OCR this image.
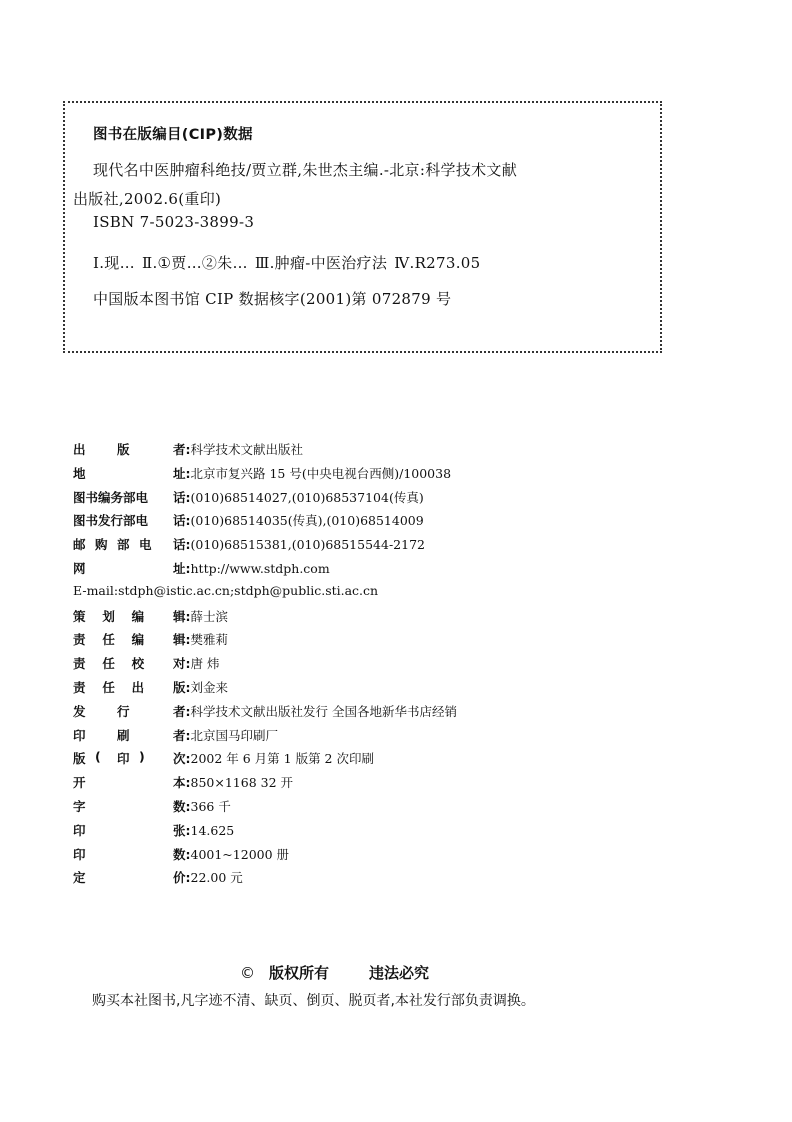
图书在版编目(CIP)数据
现代名中医肿瘤科绝技/贾立群,朱世杰主编.-北京:科学技术文献
出版社,2002.6(重印)
ISBN 7-5023-3899-3
Ⅰ.现… Ⅱ.①贾…②朱… Ⅲ.肿瘤-中医治疗法 Ⅳ.R273.05
中国版本图书馆 CIP 数据核字(2001)第 072879 号
出	版	者:科学技术文献出版社
地	址:北京市复兴路 15 号(中央电视台西侧)/100038
图书编务部电 话:(010)68514027,(010)68537104(传真)
图书发行部电 话:(010)68514035(传真),(010)68514009
邮 购 部 电 话:(010)68515381,(010)68515544-2172
网	址:http://www.stdph.com
E-mail:stdph@istic.ac.cn;stdph@public.sti.ac.cn
策 划 编 辑:薛士滨
责 任 编 辑:樊雅莉
责 任 校 对:唐 炜
责 任 出 版:刘金来
发	行	者:科学技术文献出版社发行 全国各地新华书店经销
印	刷	者:北京国马印刷厂
版 ( 印 ) 次:2002 年 6 月第 1 版第 2 次印刷
开	本:850×1168 32 开
字	数:366 千
印	张:14.625
印	数:4001~12000 册
定	价:22.00 元
© 版权所有	违法必究
购买本社图书,凡字迹不清、缺页、倒页、脱页者,本社发行部负责调换。
